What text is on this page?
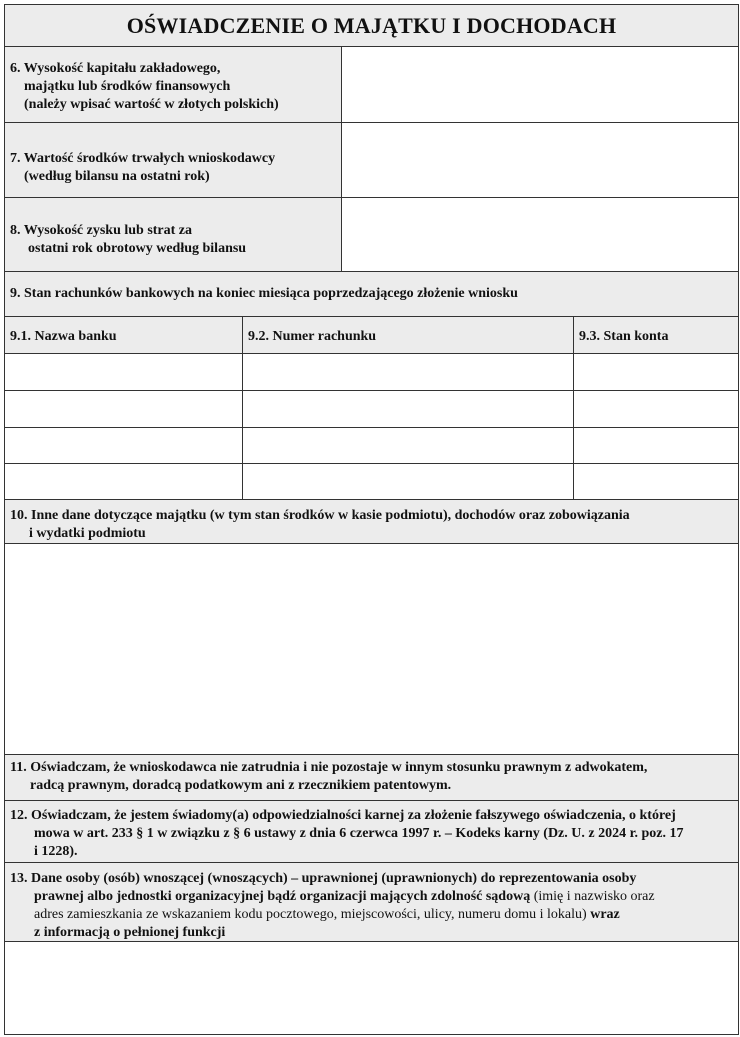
OŚWIADCZENIE O MAJĄTKU I DOCHODACH
6. Wysokość kapitału zakładowego,
majątku lub środków finansowych
(należy wpisać wartość w złotych polskich)
7. Wartość środków trwałych wnioskodawcy
(według bilansu na ostatni rok)
8. Wysokość zysku lub strat za
ostatni rok obrotowy według bilansu
9. Stan rachunków bankowych na koniec miesiąca poprzedzającego złożenie wniosku
9.1. Nazwa banku	9.2. Numer rachunku	9.3. Stan konta
10. Inne dane dotyczące majątku (w tym stan środków w kasie podmiotu), dochodów oraz zobowiązania
i wydatki podmiotu
11. Oświadczam, że wnioskodawca nie zatrudnia i nie pozostaje w innym stosunku prawnym z adwokatem,
radcą prawnym, doradcą podatkowym ani z rzecznikiem patentowym.
12. Oświadczam, że jestem świadomy(a) odpowiedzialności karnej za złożenie fałszywego oświadczenia, o której
mowa w art. 233 § 1 w związku z § 6 ustawy z dnia 6 czerwca 1997 r. – Kodeks karny (Dz. U. z 2024 r. poz. 17
i 1228).
13. Dane osoby (osób) wnoszącej (wnoszących) – uprawnionej (uprawnionych) do reprezentowania osoby
prawnej albo jednostki organizacyjnej bądź organizacji mających zdolność sądową (imię i nazwisko oraz
adres zamieszkania ze wskazaniem kodu pocztowego, miejscowości, ulicy, numeru domu i lokalu) wraz
z informacją o pełnionej funkcji
